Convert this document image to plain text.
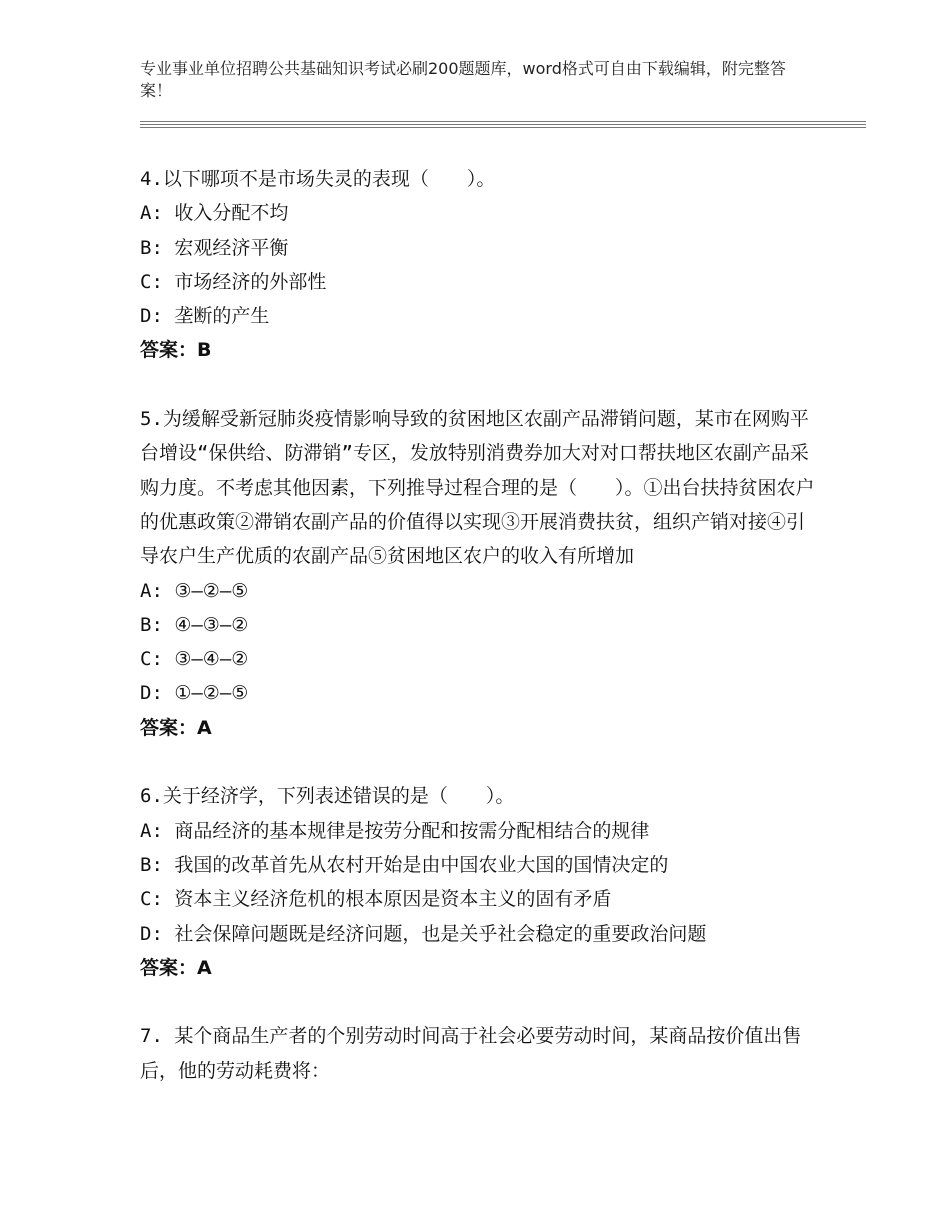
专业事业单位招聘公共基础知识考试必刷200题题库，word格式可自由下载编辑，附完整答案！
4.以下哪项不是市场失灵的表现（　　）。
A: 收入分配不均
B: 宏观经济平衡
C: 市场经济的外部性
D: 垄断的产生
答案：B
5.为缓解受新冠肺炎疫情影响导致的贫困地区农副产品滞销问题，某市在网购平台增设“保供给、防滞销”专区，发放特别消费券加大对对口帮扶地区农副产品采购力度。不考虑其他因素，下列推导过程合理的是（　　）。①出台扶持贫困农户的优惠政策②滞销农副产品的价值得以实现③开展消费扶贫，组织产销对接④引导农户生产优质的农副产品⑤贫困地区农户的收入有所增加
A: ③—②—⑤
B: ④—③—②
C: ③—④—②
D: ①—②—⑤
答案：A
6.关于经济学，下列表述错误的是（　　）。
A: 商品经济的基本规律是按劳分配和按需分配相结合的规律
B: 我国的改革首先从农村开始是由中国农业大国的国情决定的
C: 资本主义经济危机的根本原因是资本主义的固有矛盾
D: 社会保障问题既是经济问题，也是关乎社会稳定的重要政治问题
答案：A
7. 某个商品生产者的个别劳动时间高于社会必要劳动时间，某商品按价值出售后，他的劳动耗费将：
